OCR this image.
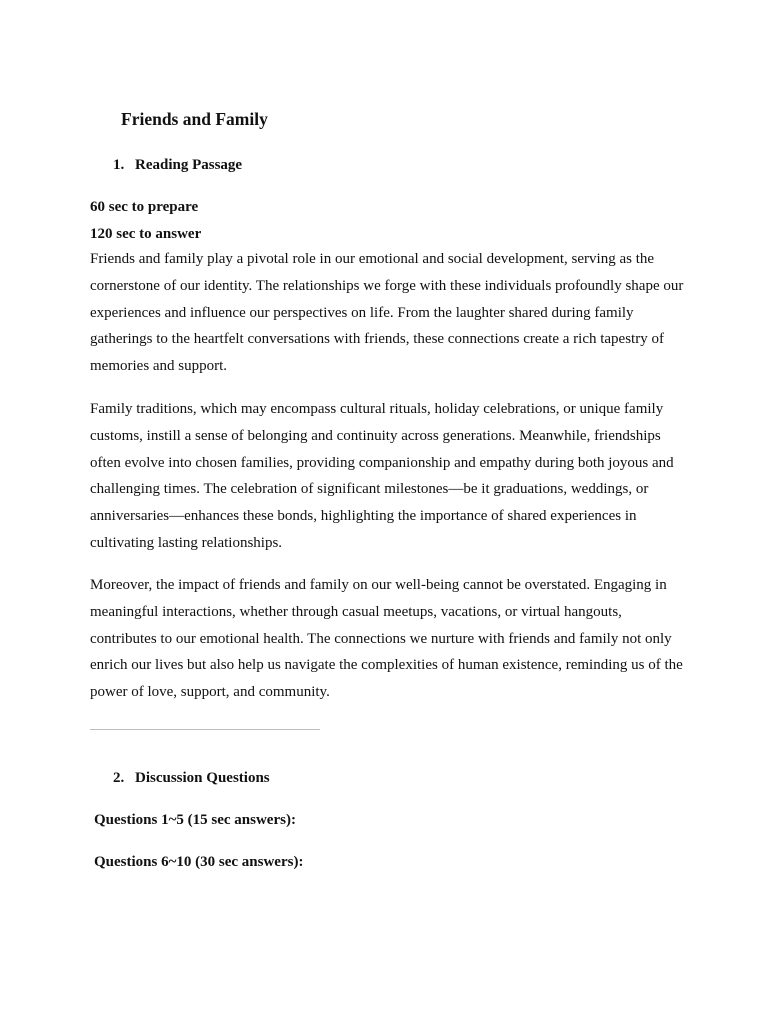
Friends and Family
1. Reading Passage

60 sec to prepare

120 sec to answer

Friends and family play a pivotal role in our emotional and social development, serving as the cornerstone of our identity. The relationships we forge with these individuals profoundly shape our experiences and influence our perspectives on life. From the laughter shared during family gatherings to the heartfelt conversations with friends, these connections create a rich tapestry of memories and support.

Family traditions, which may encompass cultural rituals, holiday celebrations, or unique family customs, instill a sense of belonging and continuity across generations. Meanwhile, friendships often evolve into chosen families, providing companionship and empathy during both joyous and challenging times. The celebration of significant milestones—be it graduations, weddings, or anniversaries—enhances these bonds, highlighting the importance of shared experiences in cultivating lasting relationships.

Moreover, the impact of friends and family on our well-being cannot be overstated. Engaging in meaningful interactions, whether through casual meetups, vacations, or virtual hangouts, contributes to our emotional health. The connections we nurture with friends and family not only enrich our lives but also help us navigate the complexities of human existence, reminding us of the power of love, support, and community.

2. Discussion Questions

Questions 1~5 (15 sec answers):

Questions 6~10 (30 sec answers):
